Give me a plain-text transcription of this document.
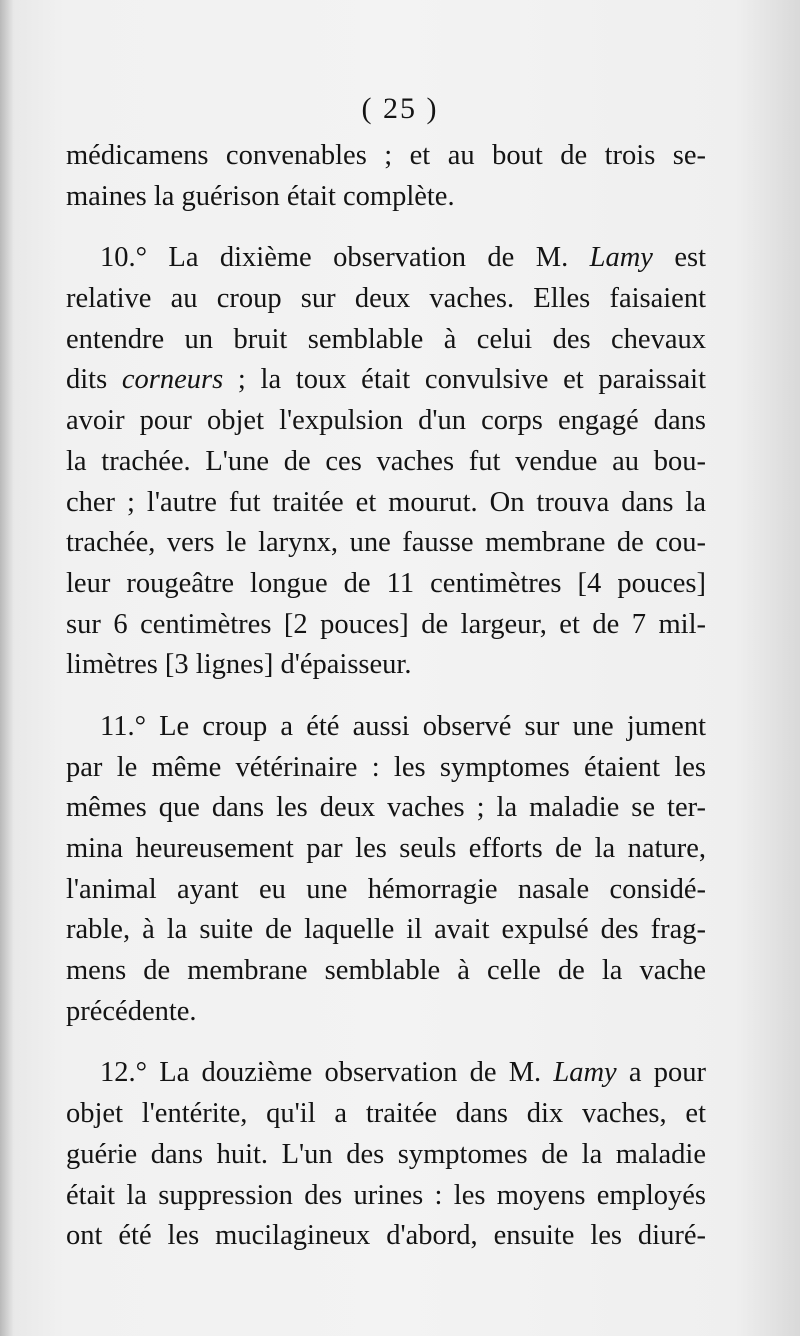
( 25 )
médicamens convenables ; et au bout de trois se-
maines la guérison était complète.
10.° La dixième observation de M. Lamy est
relative au croup sur deux vaches. Elles faisaient
entendre un bruit semblable à celui des chevaux
dits corneurs ; la toux était convulsive et paraissait
avoir pour objet l'expulsion d'un corps engagé dans
la trachée. L'une de ces vaches fut vendue au bou-
cher ; l'autre fut traitée et mourut. On trouva dans la
trachée, vers le larynx, une fausse membrane de cou-
leur rougeâtre longue de 11 centimètres [4 pouces]
sur 6 centimètres [2 pouces] de largeur, et de 7 mil-
limètres [3 lignes] d'épaisseur.
11.° Le croup a été aussi observé sur une jument
par le même vétérinaire : les symptomes étaient les
mêmes que dans les deux vaches ; la maladie se ter-
mina heureusement par les seuls efforts de la nature,
l'animal ayant eu une hémorragie nasale considé-
rable, à la suite de laquelle il avait expulsé des frag-
mens de membrane semblable à celle de la vache
précédente.
12.° La douzième observation de M. Lamy a pour
objet l'entérite, qu'il a traitée dans dix vaches, et
guérie dans huit. L'un des symptomes de la maladie
était la suppression des urines : les moyens employés
ont été les mucilagineux d'abord, ensuite les diuré-
